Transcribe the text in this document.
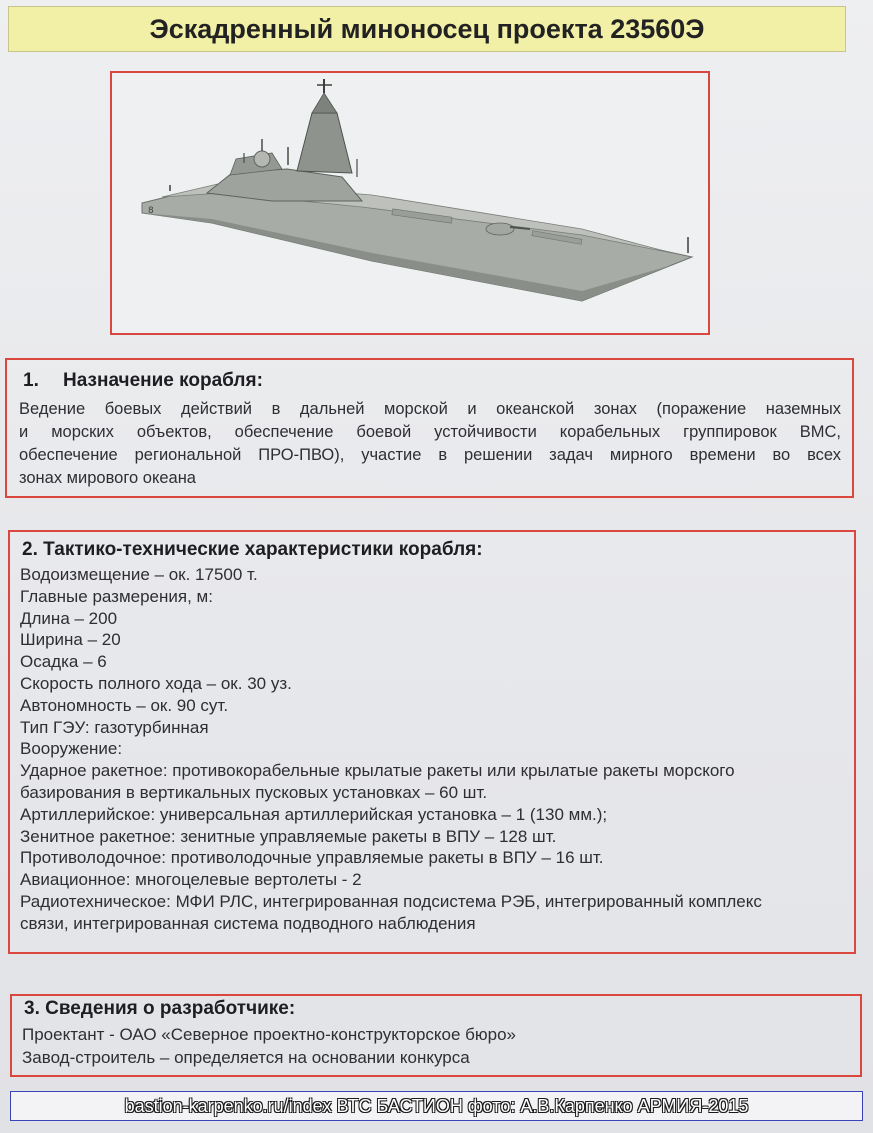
Эскадренный миноносец проекта 23560Э
8
1. Назначение корабля:
Ведение боевых действий в дальней морской и океанской зонах (поражение наземных
и морских объектов, обеспечение боевой устойчивости корабельных группировок ВМС,
обеспечение региональной ПРО-ПВО), участие в решении задач мирного времени во всех
зонах мирового океана
2. Тактико-технические характеристики корабля:
Водоизмещение – ок. 17500 т.
Главные размерения, м:
Длина – 200
Ширина – 20
Осадка – 6
Скорость полного хода – ок. 30 уз.
Автономность – ок. 90 сут.
Тип ГЭУ: газотурбинная
Вооружение:
Ударное ракетное: противокорабельные крылатые ракеты или крылатые ракеты морского
базирования в вертикальных пусковых установках – 60 шт.
Артиллерийское: универсальная артиллерийская установка – 1 (130 мм.);
Зенитное ракетное: зенитные управляемые ракеты в ВПУ – 128 шт.
Противолодочное: противолодочные управляемые ракеты в ВПУ – 16 шт.
Авиационное: многоцелевые вертолеты - 2
Радиотехническое: МФИ РЛС, интегрированная подсистема РЭБ, интегрированный комплекс
связи, интегрированная система подводного наблюдения
3. Сведения о разработчике:
Проектант - ОАО «Северное проектно-конструкторское бюро»
Завод-строитель – определяется на основании конкурса
bastion-karpenko.ru/index ВТС БАСТИОН фото: А.В.Карпенко АРМИЯ-2015
